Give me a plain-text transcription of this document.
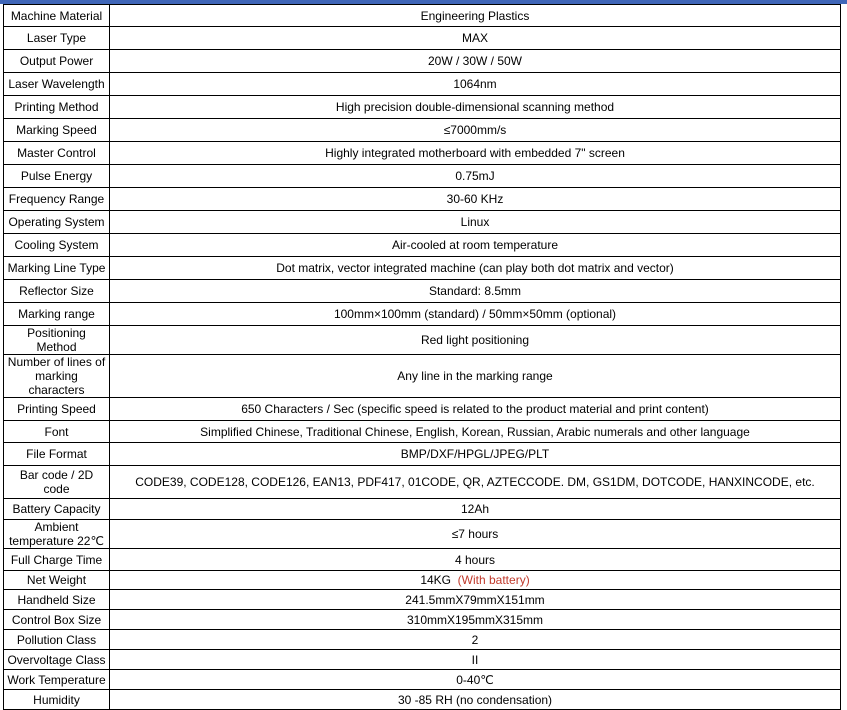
Machine Material	Engineering Plastics
Laser Type	MAX
Output Power	20W / 30W / 50W
Laser Wavelength	1064nm
Printing Method	High precision double-dimensional scanning method
Marking Speed	≤7000mm/s
Master Control	Highly integrated motherboard with embedded 7" screen
Pulse Energy	0.75mJ
Frequency Range	30-60 KHz
Operating System	Linux
Cooling System	Air-cooled at room temperature
Marking Line Type	Dot matrix, vector integrated machine (can play both dot matrix and vector)
Reflector Size	Standard: 8.5mm
Marking range	100mm×100mm (standard) / 50mm×50mm (optional)
Positioning Method	Red light positioning
Number of lines of marking characters	Any line in the marking range
Printing Speed	650 Characters / Sec (specific speed is related to the product material and print content)
Font	Simplified Chinese, Traditional Chinese, English, Korean, Russian, Arabic numerals and other language
File Format	BMP/DXF/HPGL/JPEG/PLT
Bar code / 2D code	CODE39, CODE128, CODE126, EAN13, PDF417, 01CODE, QR, AZTECCODE. DM, GS1DM, DOTCODE, HANXINCODE, etc.
Battery Capacity	12Ah
Ambient temperature 22℃	≤7 hours
Full Charge Time	4 hours
Net Weight	14KG (With battery)
Handheld Size	241.5mmX79mmX151mm
Control Box Size	310mmX195mmX315mm
Pollution Class	2
Overvoltage Class	II
Work Temperature	0-40℃
Humidity	30 -85 RH (no condensation)
